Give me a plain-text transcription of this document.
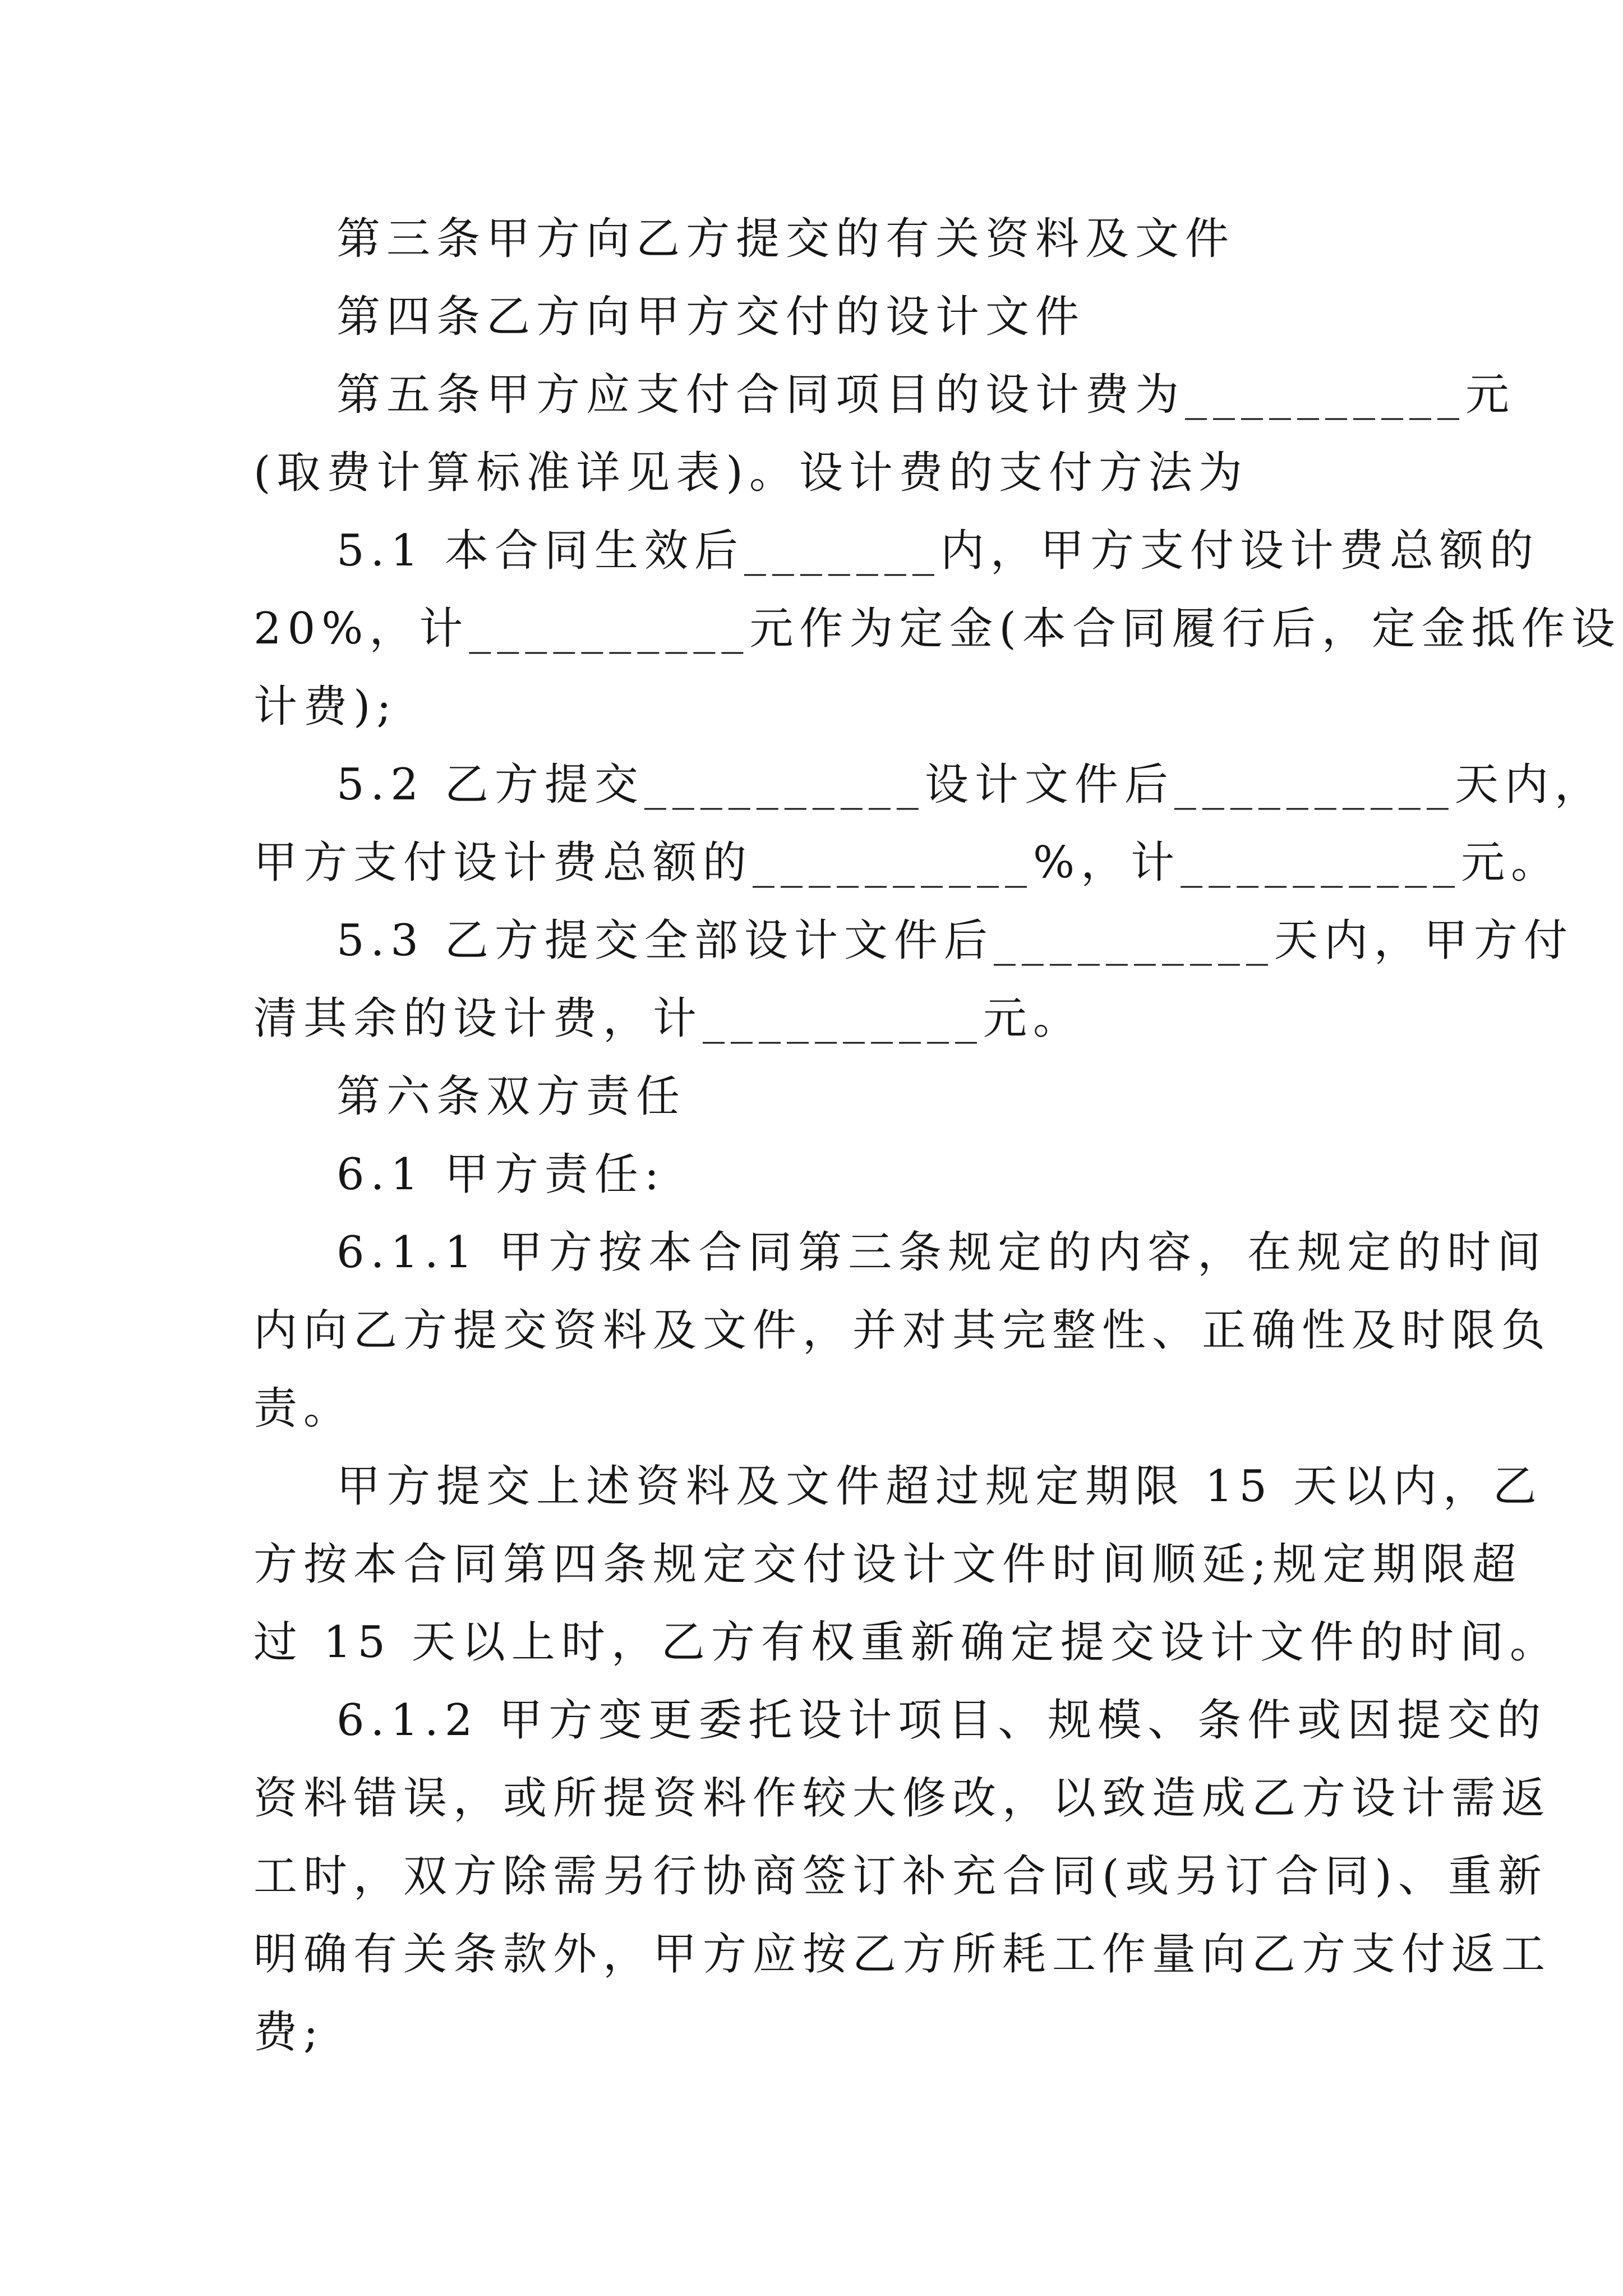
第三条甲方向乙方提交的有关资料及文件

第四条乙方向甲方交付的设计文件

第五条甲方应支付合同项目的设计费为__________元

(取费计算标准详见表)。设计费的支付方法为

5.1 本合同生效后_______内，甲方支付设计费总额的

20%，计__________元作为定金(本合同履行后，定金抵作设

计费);

5.2 乙方提交__________设计文件后__________天内，

甲方支付设计费总额的__________%，计__________元。

5.3 乙方提交全部设计文件后__________天内，甲方付

清其余的设计费，计__________元。

第六条双方责任

6.1 甲方责任:

6.1.1 甲方按本合同第三条规定的内容，在规定的时间

内向乙方提交资料及文件，并对其完整性、正确性及时限负

责。

甲方提交上述资料及文件超过规定期限 15 天以内，乙

方按本合同第四条规定交付设计文件时间顺延;规定期限超

过 15 天以上时，乙方有权重新确定提交设计文件的时间。

6.1.2 甲方变更委托设计项目、规模、条件或因提交的

资料错误，或所提资料作较大修改，以致造成乙方设计需返

工时，双方除需另行协商签订补充合同(或另订合同)、重新

明确有关条款外，甲方应按乙方所耗工作量向乙方支付返工

费;
